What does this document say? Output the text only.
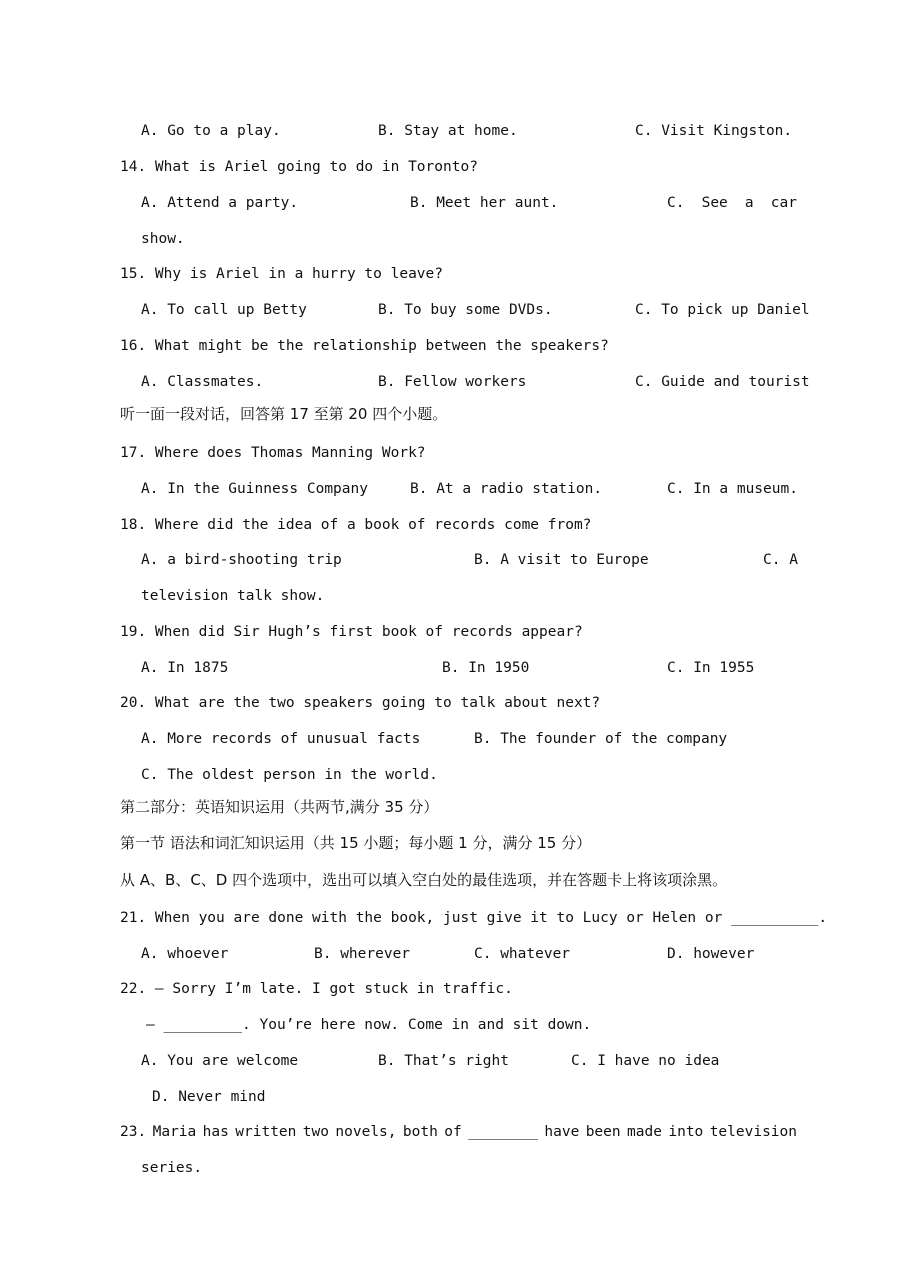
A. Go to a play.	B. Stay at home.	C. Visit Kingston.
14. What is Ariel going to do in Toronto?
A. Attend a party.	B. Meet her aunt.	C. See a car
show.
15. Why is Ariel in a hurry to leave?
A. To call up Betty	B. To buy some DVDs.	C. To pick up Daniel
16. What might be the relationship between the speakers?
A. Classmates.	B. Fellow workers	C. Guide and tourist
听一面一段对话，回答第 17 至第 20 四个小题。
17. Where does Thomas Manning Work?
A. In the Guinness Company	B. At a radio station.	C. In a museum.
18. Where did the idea of a book of records come from?
A. a bird-shooting trip	B. A visit to Europe	C. A
television talk show.
19. When did Sir Hugh’s first book of records appear?
A. In 1875	B. In 1950	C. In 1955
20. What are the two speakers going to talk about next?
A. More records of unusual facts	B. The founder of the company
C. The oldest person in the world.
第二部分：英语知识运用（共两节,满分 35 分）
第一节 语法和词汇知识运用（共 15 小题；每小题 1 分，满分 15 分）
从 A、B、C、D 四个选项中，选出可以填入空白处的最佳选项，并在答题卡上将该项涂黑。
21. When you are done with the book, just give it to Lucy or Helen or __________.
A. whoever	B. wherever	C. whatever	D. however
22. — Sorry I’m late. I got stuck in traffic.
— _________. You’re here now. Come in and sit down.
A. You are welcome	B. That’s right	C. I have no idea
D. Never mind
23. Maria has written two novels, both of ________ have been made into television
series.
